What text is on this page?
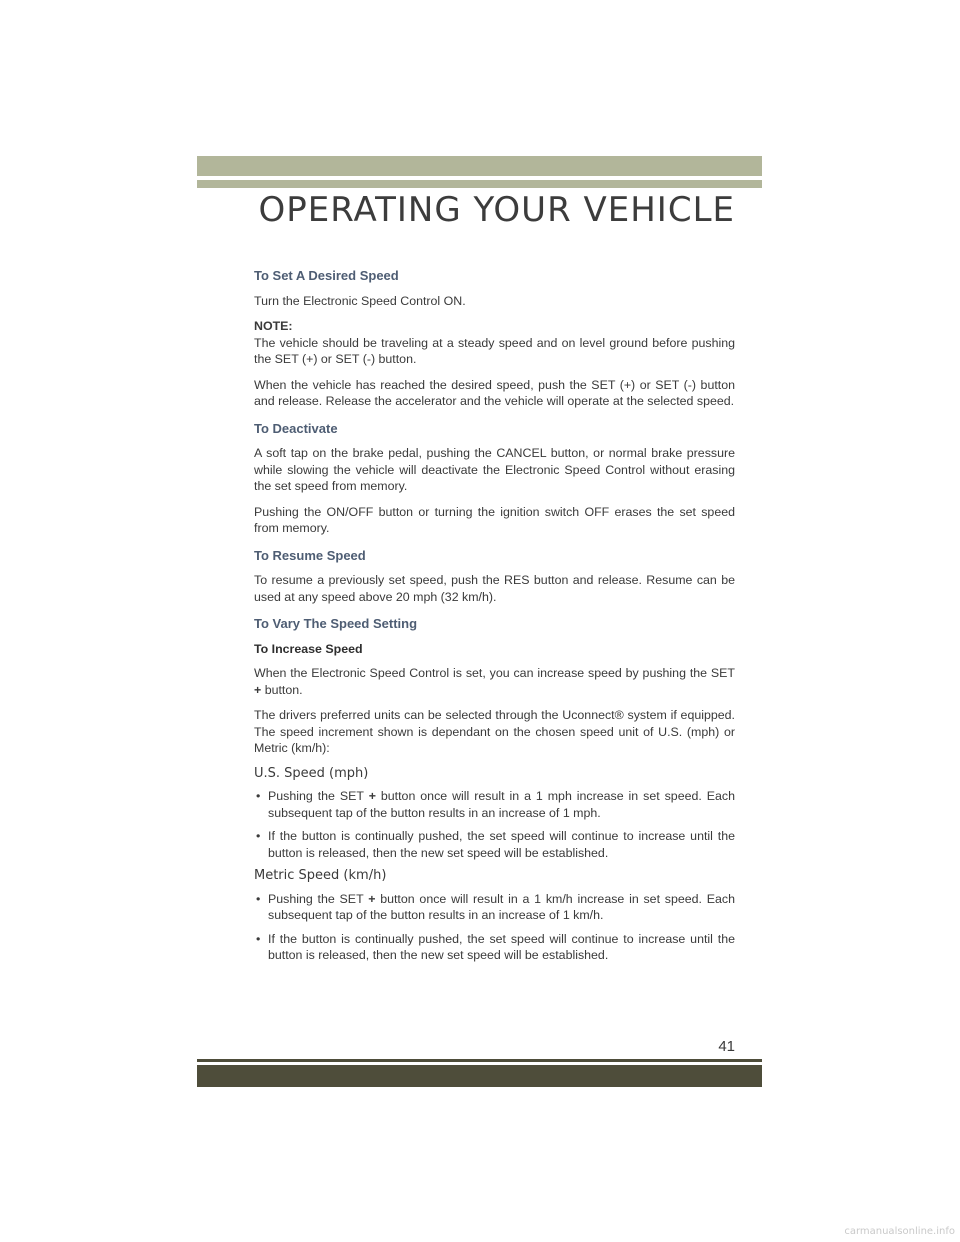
OPERATING YOUR VEHICLE
To Set A Desired Speed

Turn the Electronic Speed Control ON.

NOTE:
The vehicle should be traveling at a steady speed and on level ground before pushing the SET (+) or SET (-) button.

When the vehicle has reached the desired speed, push the SET (+) or SET (-) button and release. Release the accelerator and the vehicle will operate at the selected speed.

To Deactivate

A soft tap on the brake pedal, pushing the CANCEL button, or normal brake pressure while slowing the vehicle will deactivate the Electronic Speed Control without erasing the set speed from memory.

Pushing the ON/OFF button or turning the ignition switch OFF erases the set speed from memory.

To Resume Speed

To resume a previously set speed, push the RES button and release. Resume can be used at any speed above 20 mph (32 km/h).

To Vary The Speed Setting
To Increase Speed

When the Electronic Speed Control is set, you can increase speed by pushing the SET + button.

The drivers preferred units can be selected through the Uconnect® system if equipped. The speed increment shown is dependant on the chosen speed unit of U.S. (mph) or Metric (km/h):

U.S. Speed (mph)
• Pushing the SET + button once will result in a 1 mph increase in set speed. Each subsequent tap of the button results in an increase of 1 mph.
• If the button is continually pushed, the set speed will continue to increase until the button is released, then the new set speed will be established.
Metric Speed (km/h)
• Pushing the SET + button once will result in a 1 km/h increase in set speed. Each subsequent tap of the button results in an increase of 1 km/h.
• If the button is continually pushed, the set speed will continue to increase until the button is released, then the new set speed will be established.
41
carmanualsonline.info
